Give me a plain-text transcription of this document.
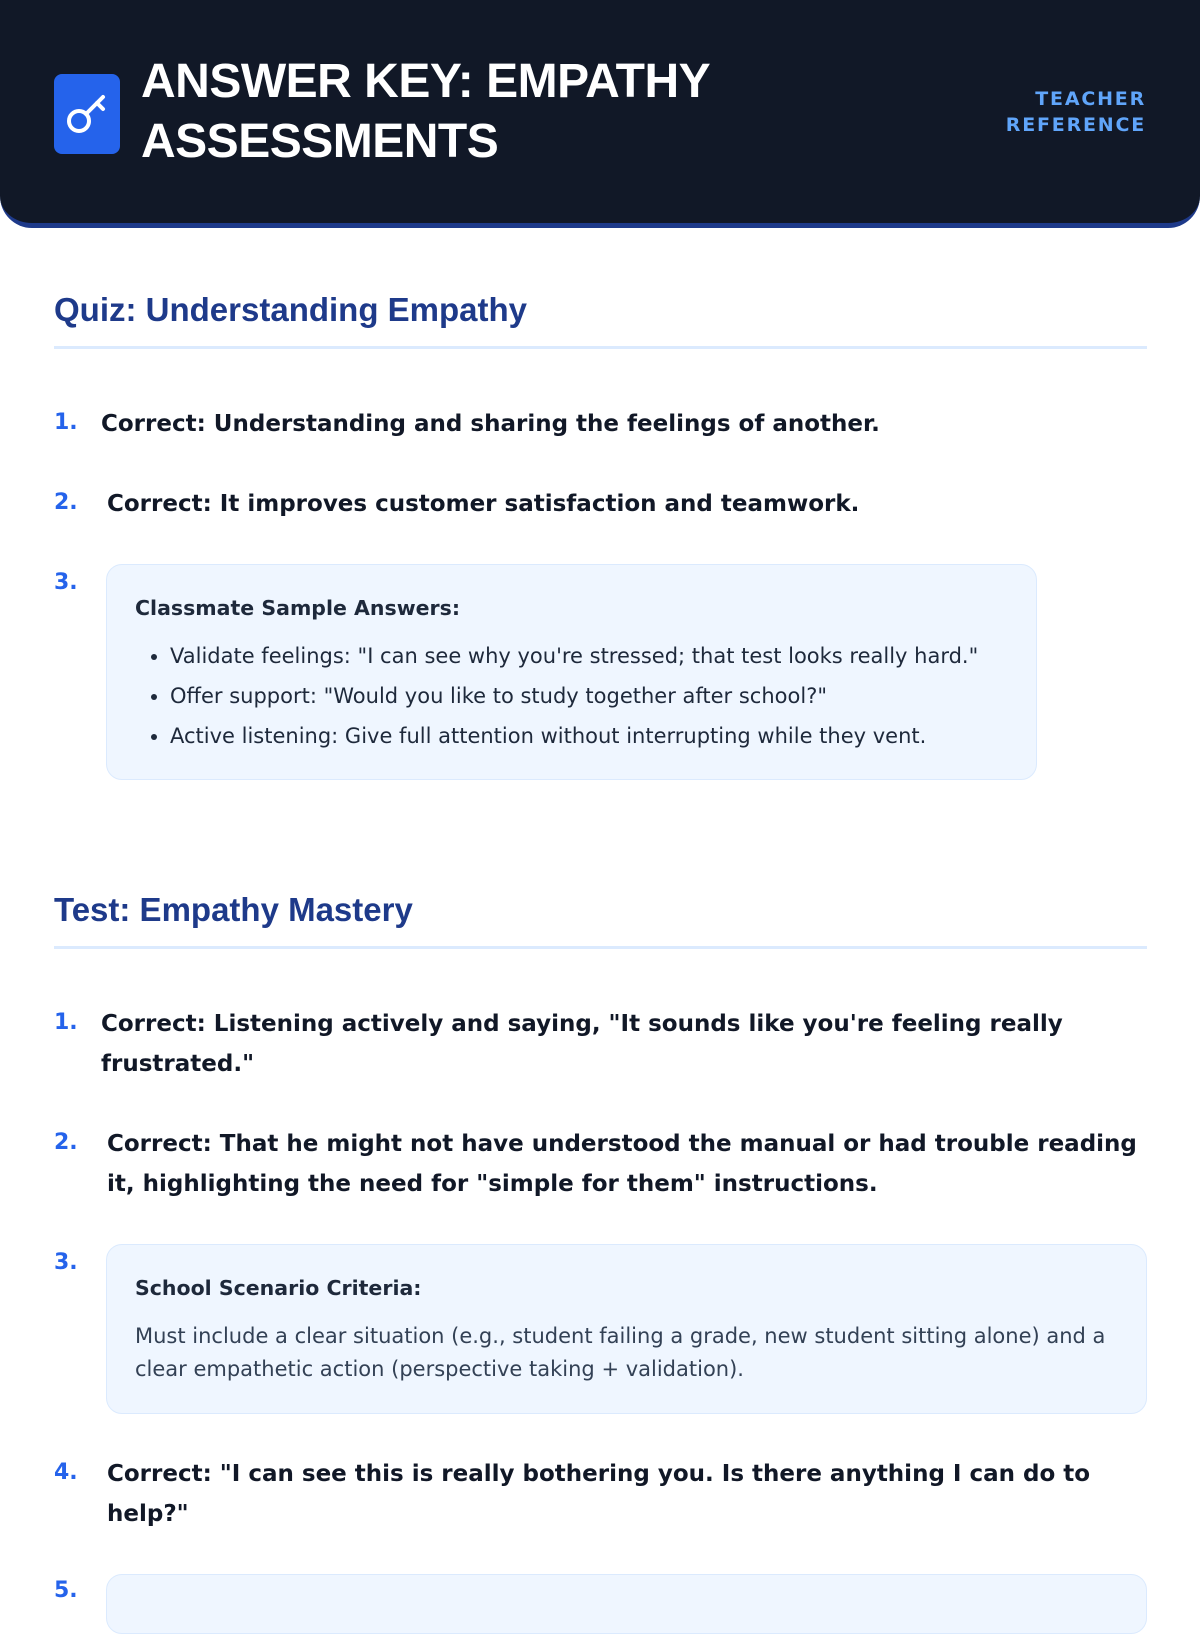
ANSWER KEY: EMPATHY ASSESSMENTS
TEACHER REFERENCE
Quiz: Understanding Empathy
1. Correct: Understanding and sharing the feelings of another.

2. Correct: It improves customer satisfaction and teamwork.

3.

Classmate Sample Answers:

• Validate feelings: "I can see why you're stressed; that test looks really hard."
• Offer support: "Would you like to study together after school?"
• Active listening: Give full attention without interrupting while they vent.
Test: Empathy Mastery
1. Correct: Listening actively and saying, "It sounds like you're feeling really frustrated."

2. Correct: That he might not have understood the manual or had trouble reading it, highlighting the need for "simple for them" instructions.

3.

School Scenario Criteria:

Must include a clear situation (e.g., student failing a grade, new student sitting alone) and a clear empathetic action (perspective taking + validation).

4. Correct: "I can see this is really bothering you. Is there anything I can do to help?"

5.
